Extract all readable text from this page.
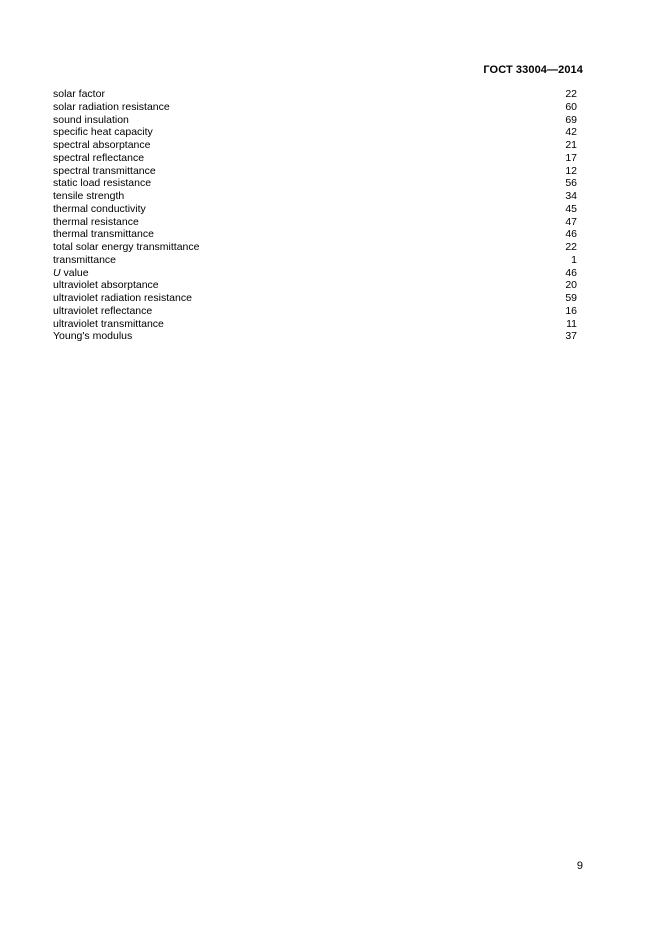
ГОСТ 33004—2014
solar factor	22
solar radiation resistance	60
sound insulation	69
specific heat capacity	42
spectral absorptance	21
spectral reflectance	17
spectral transmittance	12
static load resistance	56
tensile strength	34
thermal conductivity	45
thermal resistance	47
thermal transmittance	46
total solar energy transmittance	22
transmittance	1
U value	46
ultraviolet absorptance	20
ultraviolet radiation resistance	59
ultraviolet reflectance	16
ultraviolet transmittance	11
Young's modulus	37
9
